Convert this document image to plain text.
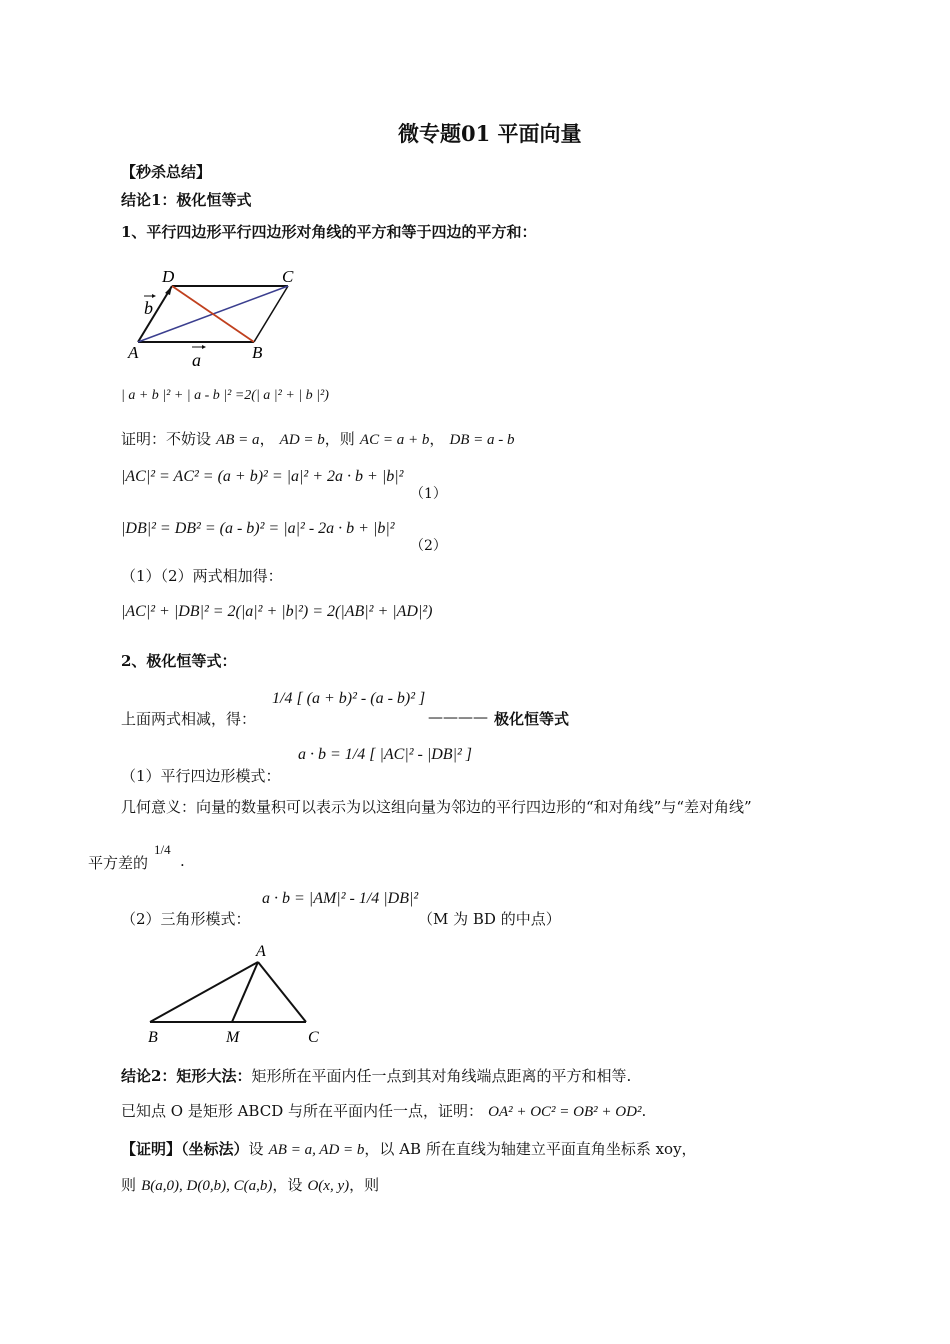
微专题01 平面向量
【秒杀总结】
结论1：极化恒等式
1、平行四边形平行四边形对角线的平方和等于四边的平方和：
D	C
A	B
b
a
| a + b |² + | a - b |² =2(| a |² + | b |²)
证明：不妨设 AB = a， AD = b，则 AC = a + b， DB = a - b
|AC|² = AC² = (a + b)² = |a|² + 2a · b + |b|²
（1）
|DB|² = DB² = (a - b)² = |a|² - 2a · b + |b|²
（2）
（1）（2）两式相加得：
|AC|² + |DB|² = 2(|a|² + |b|²) = 2(|AB|² + |AD|²)
2、极化恒等式：
上面两式相减，得：
1/4 [ (a + b)² - (a - b)² ]
———— 极化恒等式
（1）平行四边形模式：
a · b = 1/4 [ |AC|² - |DB|² ]
几何意义：向量的数量积可以表示为以这组向量为邻边的平行四边形的“和对角线”与“差对角线”
平方差的
1/4
.
（2）三角形模式：
a · b = |AM|² - 1/4 |DB|²
（M 为 BD 的中点）
A
B	M	C
结论2：矩形大法：矩形所在平面内任一点到其对角线端点距离的平方和相等.
已知点 O 是矩形 ABCD 与所在平面内任一点，证明： OA² + OC² = OB² + OD².
【证明】（坐标法）设 AB = a, AD = b，以 AB 所在直线为轴建立平面直角坐标系 xoy，
则 B(a,0), D(0,b), C(a,b)，设 O(x, y)，则
